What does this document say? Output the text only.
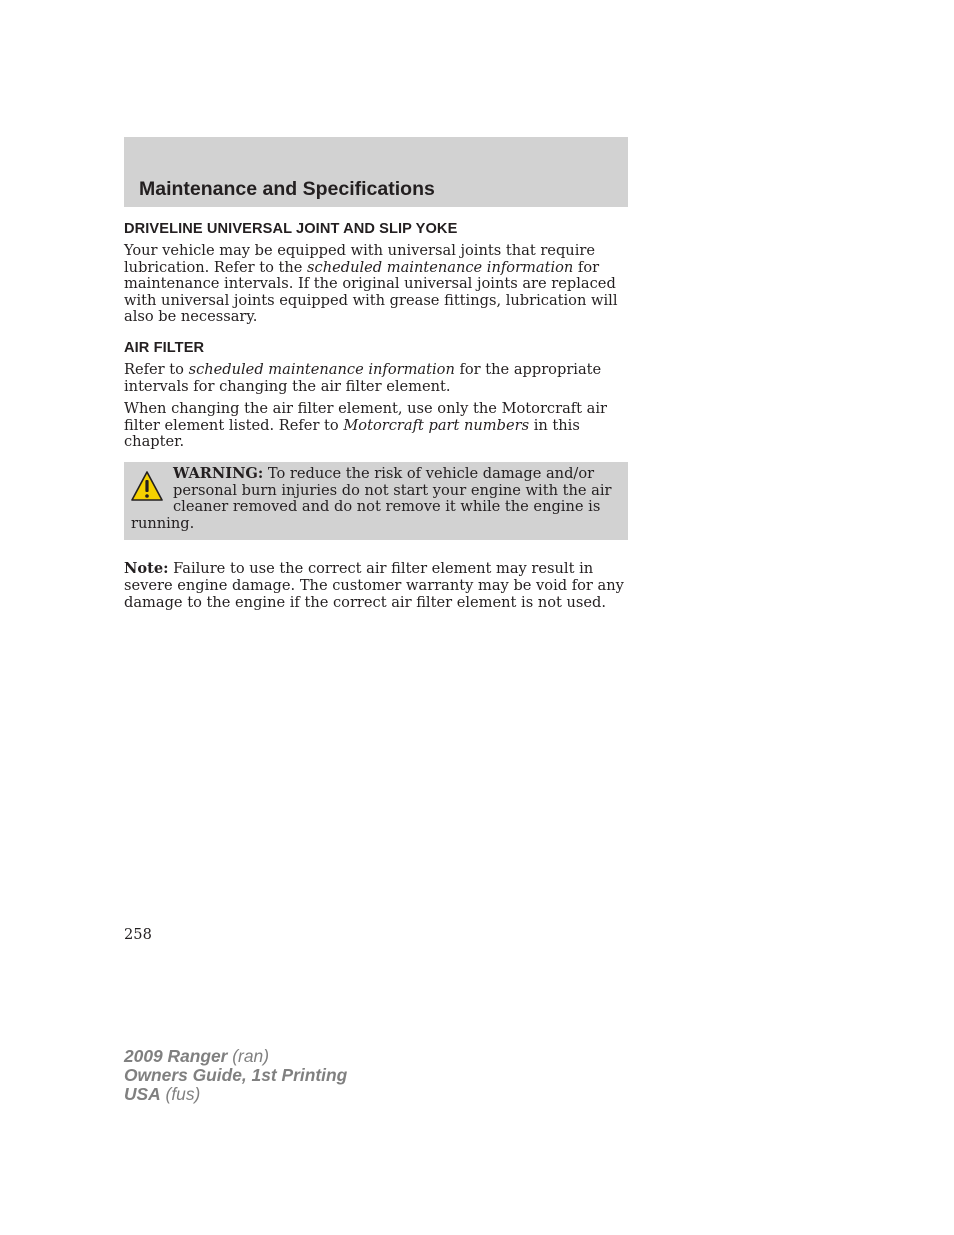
Maintenance and Specifications
DRIVELINE UNIVERSAL JOINT AND SLIP YOKE

Your vehicle may be equipped with universal joints that require lubrication. Refer to the scheduled maintenance information for maintenance intervals. If the original universal joints are replaced with universal joints equipped with grease fittings, lubrication will also be necessary.

AIR FILTER

Refer to scheduled maintenance information for the appropriate intervals for changing the air filter element.

When changing the air filter element, use only the Motorcraft air filter element listed. Refer to Motorcraft part numbers in this chapter.

WARNING: To reduce the risk of vehicle damage and/or personal burn injuries do not start your engine with the air cleaner removed and do not remove it while the engine is running.

Note: Failure to use the correct air filter element may result in severe engine damage. The customer warranty may be void for any damage to the engine if the correct air filter element is not used.

258
2009 Ranger (ran)
Owners Guide, 1st Printing
USA (fus)
